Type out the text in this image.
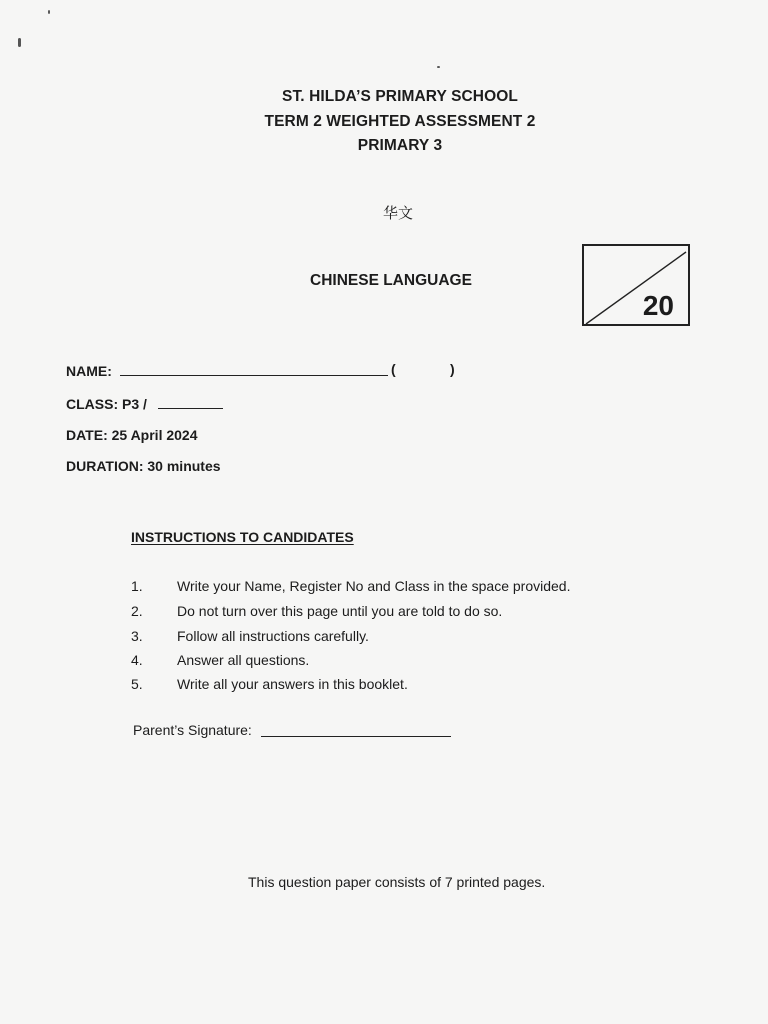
ST. HILDA’S PRIMARY SCHOOL
TERM 2 WEIGHTED ASSESSMENT 2
PRIMARY 3
华文
CHINESE LANGUAGE
20
NAME:	(	)
CLASS: P3 /
DATE: 25 April 2024
DURATION: 30 minutes
INSTRUCTIONS TO CANDIDATES
1. Write your Name, Register No and Class in the space provided.
2. Do not turn over this page until you are told to do so.
3. Follow all instructions carefully.
4. Answer all questions.
5. Write all your answers in this booklet.
Parent’s Signature:
This question paper consists of 7 printed pages.
